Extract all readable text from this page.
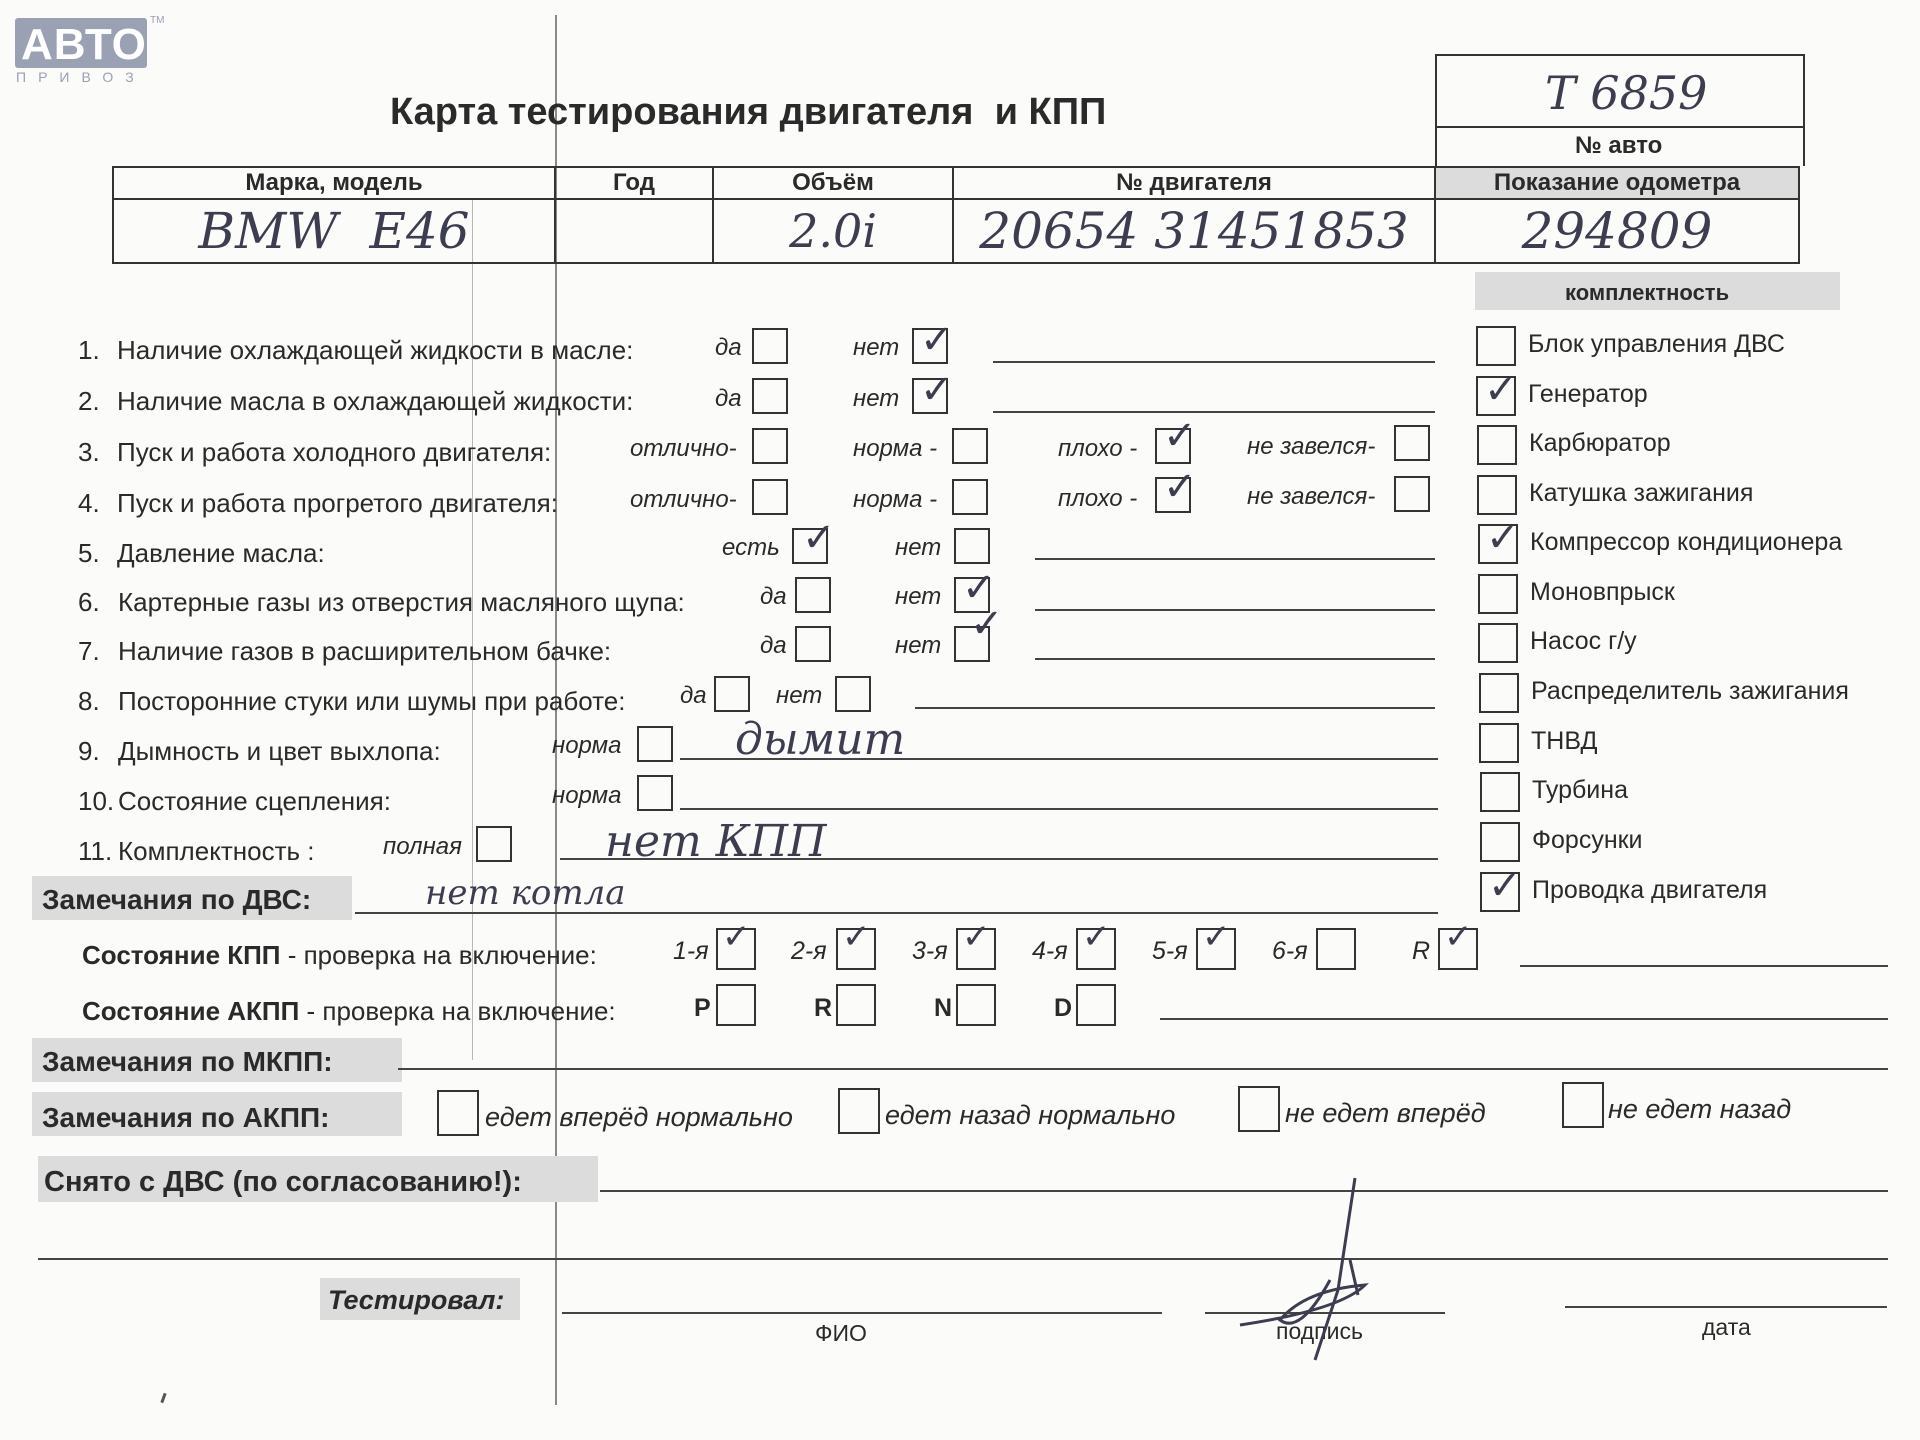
АВТО TM
ПРИВОЗ
Карта тестирования двигателя  и КПП	Т 6859
№ авто
Марка, модель	Год	Объём	№ двигателя	Показание одометра
BMW  E46		2.0i	20654 31451853	294809
комплектность
Блок управления ДВС
✓ Генератор
Карбюратор
Катушка зажигания
✓ Компрессор кондиционера
Моновпрыск
Насос г/у
Распределитель зажигания
ТНВД
Турбина
Форсунки
✓ Проводка двигателя
1. Наличие охлаждающей жидкости в масле:	да	нет ✓
2. Наличие масла в охлаждающей жидкости:	да	нет ✓
3. Пуск и работа холодного двигателя:	отлично-	норма -	плохо - ✓ не завелся-
4. Пуск и работа прогретого двигателя:	отлично-	норма -	плохо - ✓ не завелся-
5. Давление масла:	есть ✓ нет
6. Картерные газы из отверстия масляного щупа:	да	нет ✓
7. Наличие газов в расширительном бачке:	да	нет ✓
8. Посторонние стуки или шумы при работе: да	нет
9. Дымность и цвет выхлопа:	норма	дымит
10. Состояние сцепления:	норма
11. Комплектность :	полная	нет КПП
Замечания по ДВС:	нет котла
Состояние КПП - проверка на включение:	1-я ✓ 2-я ✓ 3-я ✓ 4-я ✓ 5-я ✓ 6-я	R ✓
Состояние АКПП - проверка на включение:	P	R	N	D
Замечания по МКПП:
Замечания по АКПП:	едет вперёд нормально	едет назад нормально	не едет вперёд	не едет назад
Снято с ДВС (по согласованию!):
Тестировал:
ФИО	подпись	дата
